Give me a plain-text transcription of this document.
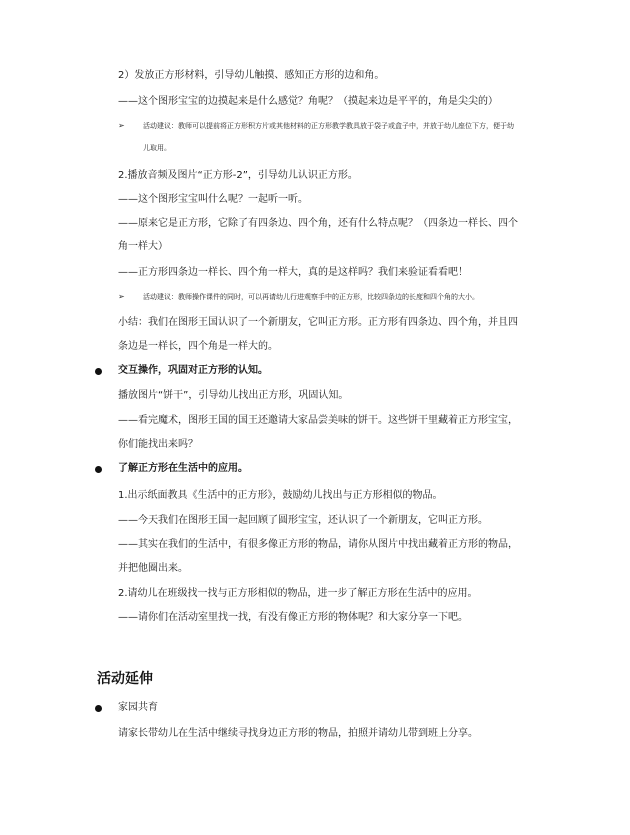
2）发放正方形材料，引导幼儿触摸、感知正方形的边和角。
——这个图形宝宝的边摸起来是什么感觉？角呢？（摸起来边是平平的，角是尖尖的）
➢	活动建议：教师可以提前将正方形积方片或其他材料的正方形教学教具放于袋子或盒子中，并放于幼儿座位下方，便于幼
儿取用。
2.播放音频及图片“正方形-2”，引导幼儿认识正方形。
——这个图形宝宝叫什么呢？一起听一听。
——原来它是正方形，它除了有四条边、四个角，还有什么特点呢？（四条边一样长、四个
角一样大）
——正方形四条边一样长、四个角一样大，真的是这样吗？我们来验证看看吧！
➢	活动建议：教师操作课件的同时，可以再请幼儿行进观察手中的正方形，比较四条边的长度和四个角的大小。
小结：我们在图形王国认识了一个新朋友，它叫正方形。正方形有四条边、四个角，并且四
条边是一样长，四个角是一样大的。
交互操作，巩固对正方形的认知。
播放图片“饼干”，引导幼儿找出正方形，巩固认知。
——看完魔术，图形王国的国王还邀请大家品尝美味的饼干。这些饼干里藏着正方形宝宝，
你们能找出来吗？
了解正方形在生活中的应用。
1.出示纸面教具《生活中的正方形》，鼓励幼儿找出与正方形相似的物品。
——今天我们在图形王国一起回顾了圆形宝宝，还认识了一个新朋友，它叫正方形。
——其实在我们的生活中，有很多像正方形的物品，请你从图片中找出藏着正方形的物品，
并把他圈出来。
2.请幼儿在班级找一找与正方形相似的物品，进一步了解正方形在生活中的应用。
——请你们在活动室里找一找，有没有像正方形的物体呢？和大家分享一下吧。
活动延伸
家园共育
请家长带幼儿在生活中继续寻找身边正方形的物品，拍照并请幼儿带到班上分享。
